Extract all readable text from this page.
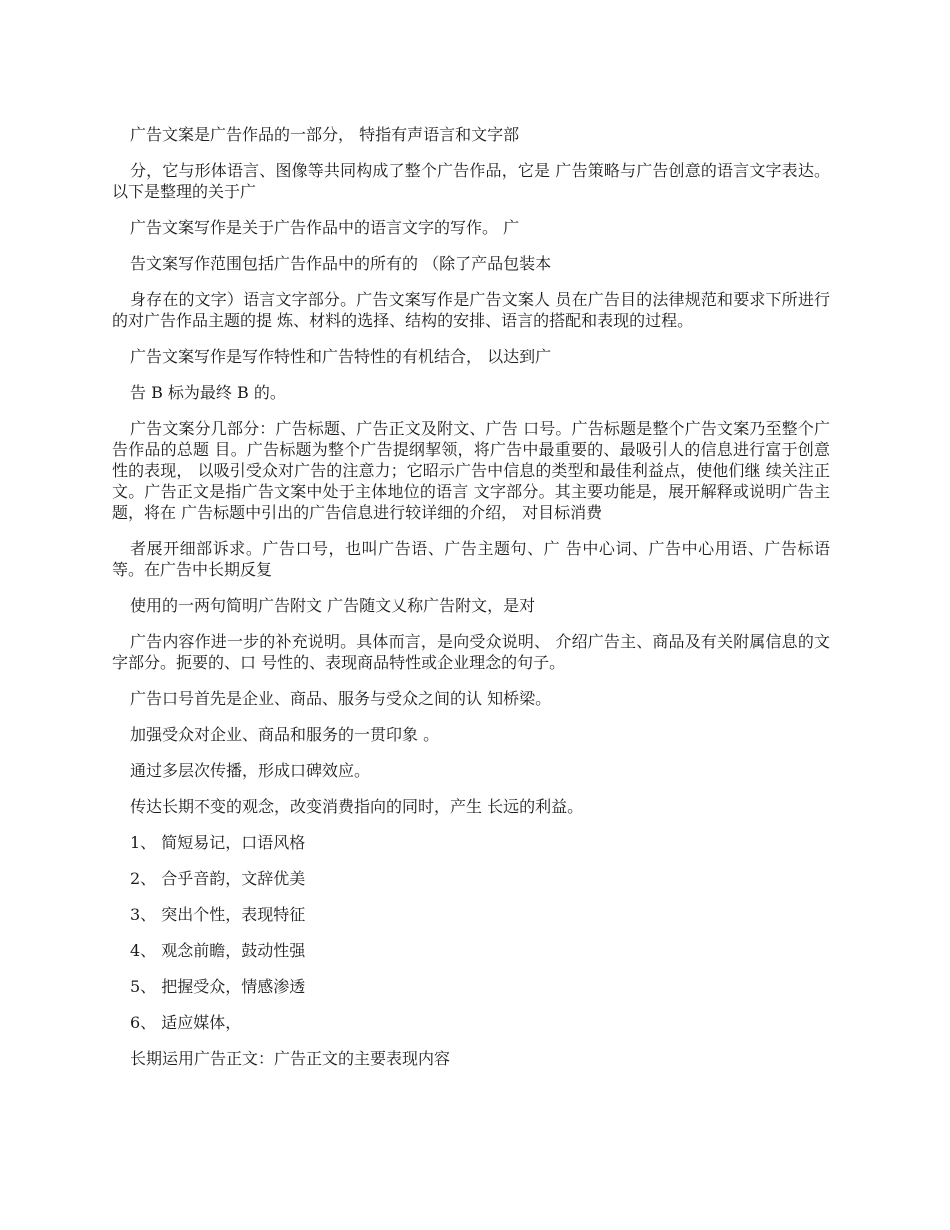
广告文案是广告作品的一部分， 特指有声语言和文字部

分，它与形体语言、图像等共同构成了整个广告作品，它是 广告策略与广告创意的语言文字表达。 以下是整理的关于广

广告文案写作是关于广告作品中的语言文字的写作。 广

告文案写作范围包括广告作品中的所有的 （除了产品包装本

身存在的文字）语言文字部分。广告文案写作是广告文案人 员在广告目的法律规范和要求下所进行的对广告作品主题的提 炼、材料的选择、结构的安排、语言的搭配和表现的过程。

广告文案写作是写作特性和广告特性的有机结合， 以达到广

告 B 标为最终 B 的。

广告文案分几部分：广告标题、广告正文及附文、广告 口号。广告标题是整个广告文案乃至整个广告作品的总题 目。广告标题为整个广告提纲挈领，将广告中最重要的、最吸引人的信息进行富于创意性的表现， 以吸引受众对广告的注意力；它昭示广告中信息的类型和最佳利益点，使他们继 续关注正文。广告正文是指广告文案中处于主体地位的语言 文字部分。其主要功能是，展开解释或说明广告主题，将在 广告标题中引出的广告信息进行较详细的介绍， 对目标消费

者展开细部诉求。广告口号，也叫广告语、广告主题句、广 告中心词、广告中心用语、广告标语等。在广告中长期反复

使用的一两句简明广告附文 广告随文乂称广告附文，是对

广告内容作进一步的补充说明。具体而言，是向受众说明、 介绍广告主、商品及有关附属信息的文字部分。扼要的、口 号性的、表现商品特性或企业理念的句子。

广告口号首先是企业、商品、服务与受众之间的认 知桥梁。

加强受众对企业、商品和服务的一贯印象 。

通过多层次传播，形成口碑效应。

传达长期不变的观念，改变消费指向的同时，产生 长远的利益。

1、 简短易记，口语风格

2、 合乎音韵，文辞优美

3、 突出个性，表现特征

4、 观念前瞻，鼓动性强

5、 把握受众，情感渗透

6、 适应媒体，

长期运用广告正文：广告正文的主要表现内容
